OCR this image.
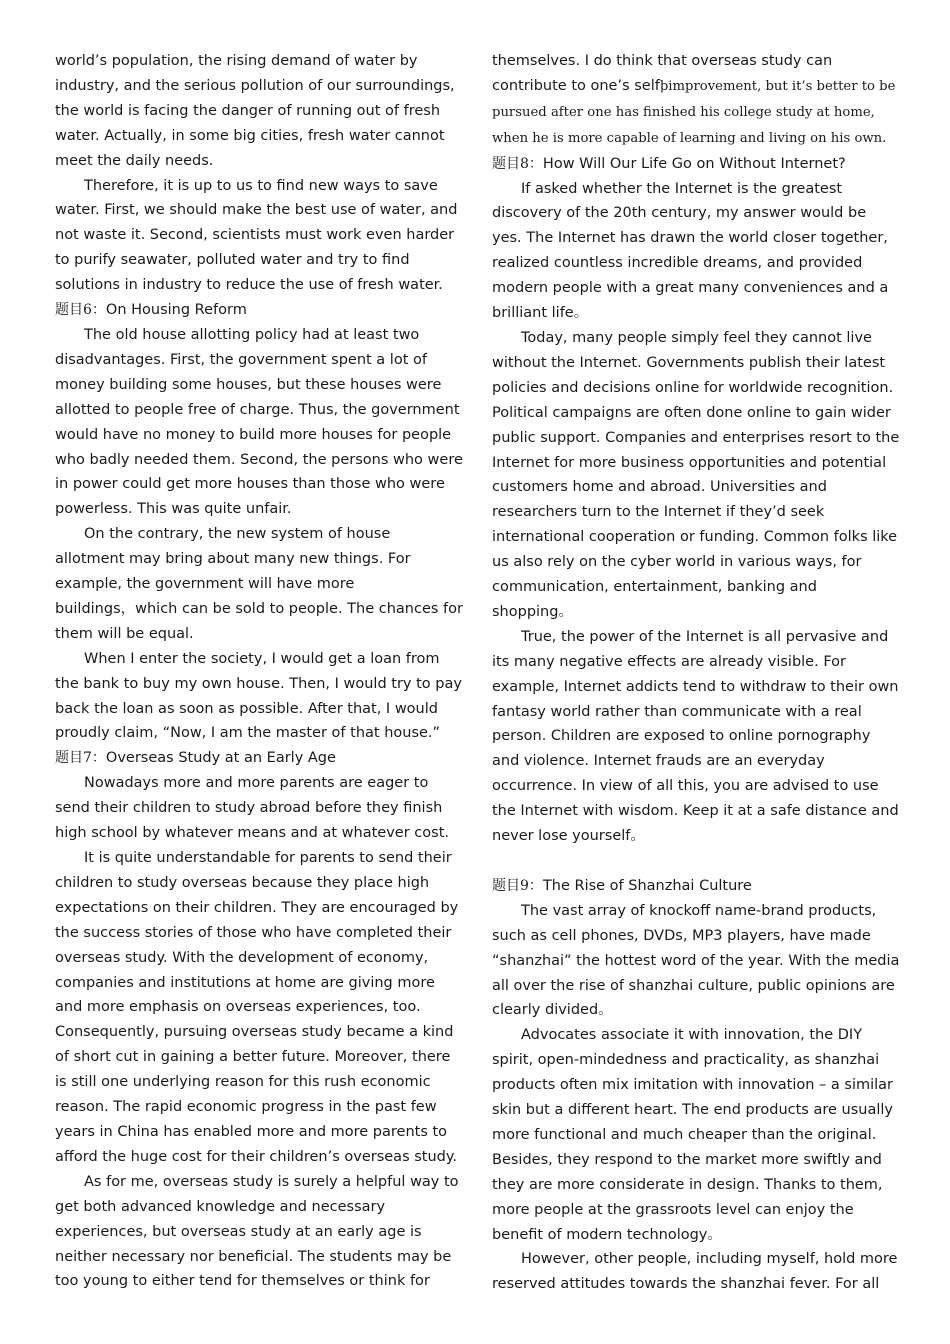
world’s population, the rising demand of water by industry, and the serious pollution of our surroundings, the world is facing the danger of running out of fresh water. Actually, in some big cities, fresh water cannot meet the daily needs.

Therefore, it is up to us to find new ways to save water. First, we should make the best use of water, and not waste it. Second, scientists must work even harder to purify seawater, polluted water and try to find solutions in industry to reduce the use of fresh water.

题目6：On Housing Reform

The old house allotting policy had at least two disadvantages. First, the government spent a lot of money building some houses, but these houses were allotted to people free of charge. Thus, the government would have no money to build more houses for people who badly needed them. Second, the persons who were in power could get more houses than those who were powerless. This was quite unfair.

On the contrary, the new system of house allotment may bring about many new things. For example, the government will have more

buildings，which can be sold to people. The chances for them will be equal.

When I enter the society, I would get a loan from the bank to buy my own house. Then, I would try to pay back the loan as soon as possible. After that, I would proudly claim, “Now, I am the master of that house.”

题目7：Overseas Study at an Early Age

Nowadays more and more parents are eager to send their children to study abroad before they finish high school by whatever means and at whatever cost.

It is quite understandable for parents to send their children to study overseas because they place high expectations on their children. They are encouraged by the success stories of those who have completed their overseas study. With the development of economy, companies and institutions at home are giving more and more emphasis on overseas experiences, too. Consequently, pursuing overseas study became a kind of short cut in gaining a better future. Moreover, there is still one underlying reason for this rush economic reason. The rapid economic progress in the past few years in China has enabled more and more parents to afford the huge cost for their children’s overseas study.

As for me, overseas study is surely a helpful way to get both advanced knowledge and necessary experiences, but overseas study at an early age is neither necessary nor beneficial. The students may be too young to either tend for themselves or think for

themselves. I do think that overseas study can contribute to one’s selfϸimprovement, but it’s better to be pursued after one has finished his college study at home, when he is more capable of learning and living on his own.

题目8：How Will Our Life Go on Without Internet?

If asked whether the Internet is the greatest discovery of the 20th century, my answer would be yes. The Internet has drawn the world closer together, realized countless incredible dreams, and provided modern people with a great many conveniences and a brilliant life。

Today, many people simply feel they cannot live without the Internet. Governments publish their latest policies and decisions online for worldwide recognition. Political campaigns are often done online to gain wider public support. Companies and enterprises resort to the Internet for more business opportunities and potential customers home and abroad. Universities and researchers turn to the Internet if they’d seek international cooperation or funding. Common folks like us also rely on the cyber world in various ways, for communication, entertainment, banking and shopping。

True, the power of the Internet is all pervasive and its many negative effects are already visible. For example, Internet addicts tend to withdraw to their own fantasy world rather than communicate with a real person. Children are exposed to online pornography and violence. Internet frauds are an everyday occurrence. In view of all this, you are advised to use the Internet with wisdom. Keep it at a safe distance and never lose yourself。

题目9：The Rise of Shanzhai Culture

The vast array of knockoff name-brand products, such as cell phones, DVDs, MP3 players, have made “shanzhai” the hottest word of the year. With the media all over the rise of shanzhai culture, public opinions are clearly divided。

Advocates associate it with innovation, the DIY spirit, open-mindedness and practicality, as shanzhai products often mix imitation with innovation – a similar skin but a different heart. The end products are usually more functional and much cheaper than the original. Besides, they respond to the market more swiftly and they are more considerate in design. Thanks to them, more people at the grassroots level can enjoy the benefit of modern technology。

However, other people, including myself, hold more reserved attitudes towards the shanzhai fever. For all
